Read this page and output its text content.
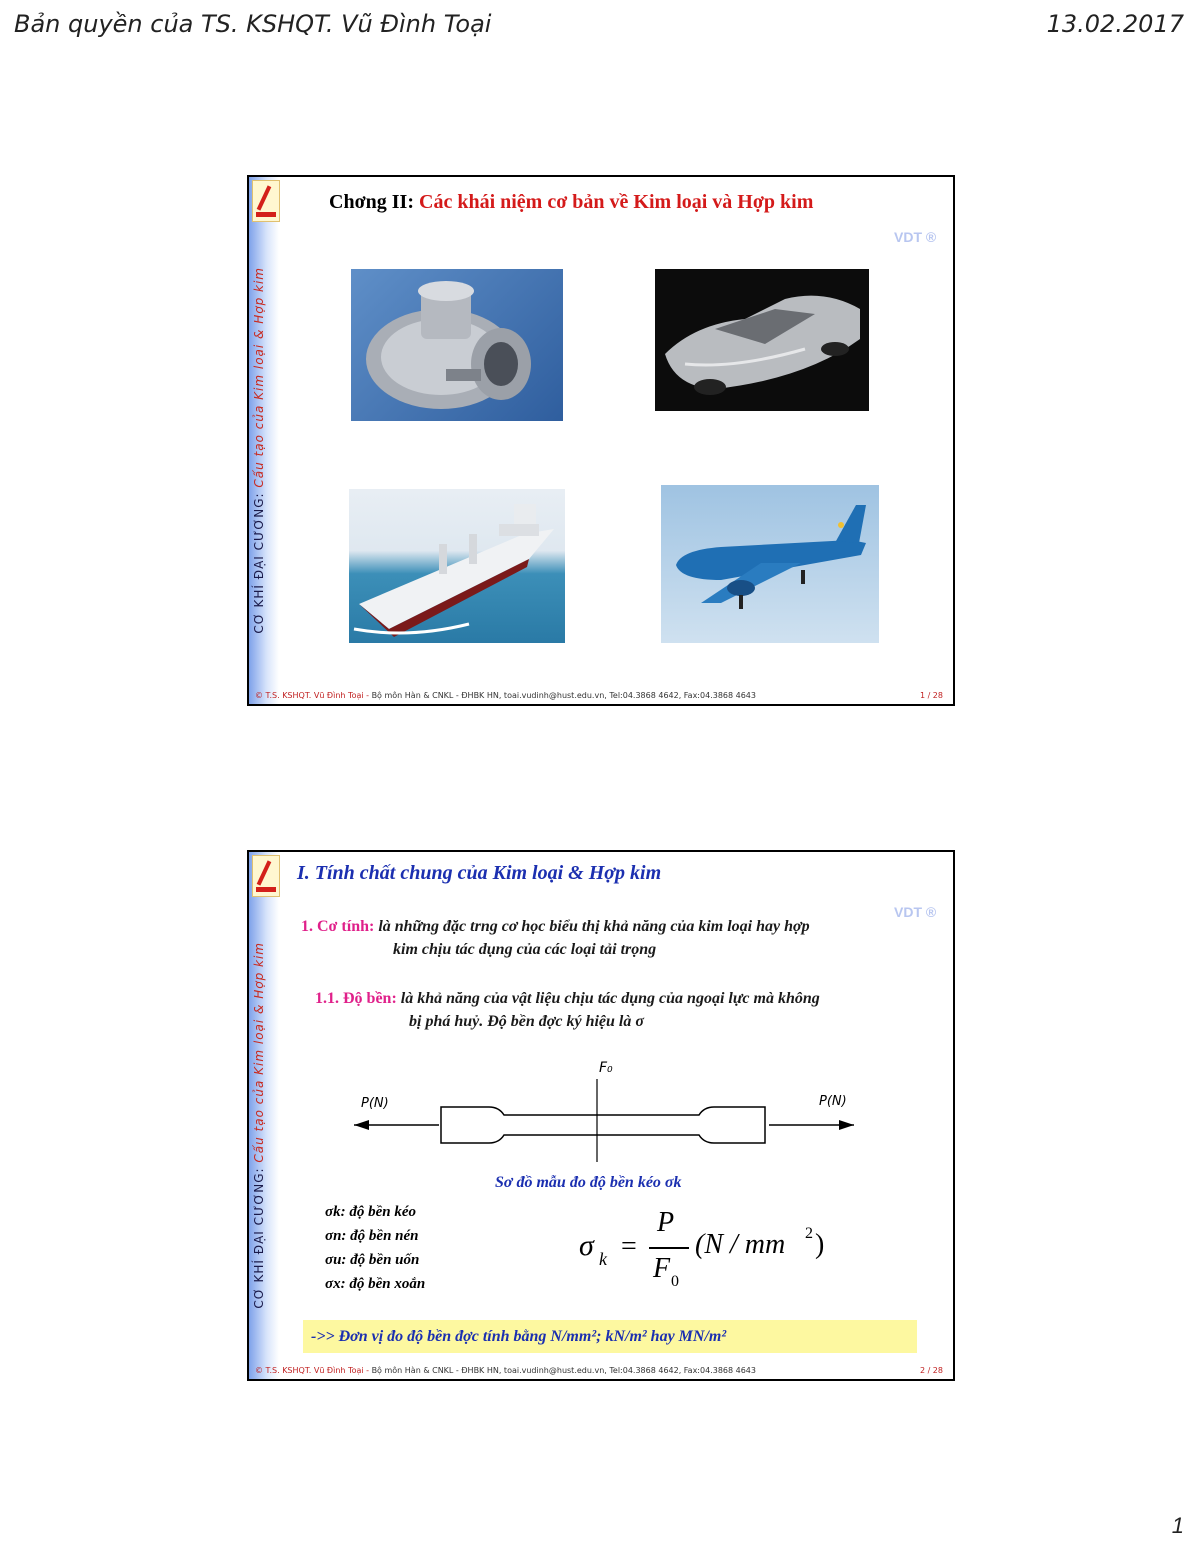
Bản quyền của TS. KSHQT. Vũ Đình Toại	13.02.2017
CƠ KHÍ ĐẠI CƯƠNG: Cấu tạo của Kim loại & Hợp kim
Chơng II: Các khái niệm cơ bản về Kim loại và Hợp kim
VDT ®
© T.S. KSHQT. Vũ Đình Toại - Bộ môn Hàn & CNKL - ĐHBK HN, toai.vudinh@hust.edu.vn, Tel:04.3868 4642, Fax:04.3868 4643	1 / 28
CƠ KHÍ ĐẠI CƯƠNG: Cấu tạo của Kim loại & Hợp kim
I. Tính chất chung của Kim loại & Hợp kim
VDT ®
1. Cơ tính: là những đặc trng cơ học biểu thị khả năng của kim loại hay hợp
kim chịu tác dụng của các loại tải trọng
1.1. Độ bền: là khả năng của vật liệu chịu tác dụng của ngoại lực mà không
bị phá huỷ. Độ bền đợc ký hiệu là σ
F₀
P(N)	P(N)
Sơ đồ mẫu đo độ bền kéo σk
σk: độ bền kéo
σn: độ bền nén
σu: độ bền uốn
σx: độ bền xoắn
σ k =
P
F 0
(N / mm 2 )
->> Đơn vị đo độ bền đợc tính bằng N/mm²; kN/m² hay MN/m²
© T.S. KSHQT. Vũ Đình Toại - Bộ môn Hàn & CNKL - ĐHBK HN, toai.vudinh@hust.edu.vn, Tel:04.3868 4642, Fax:04.3868 4643	2 / 28
1
